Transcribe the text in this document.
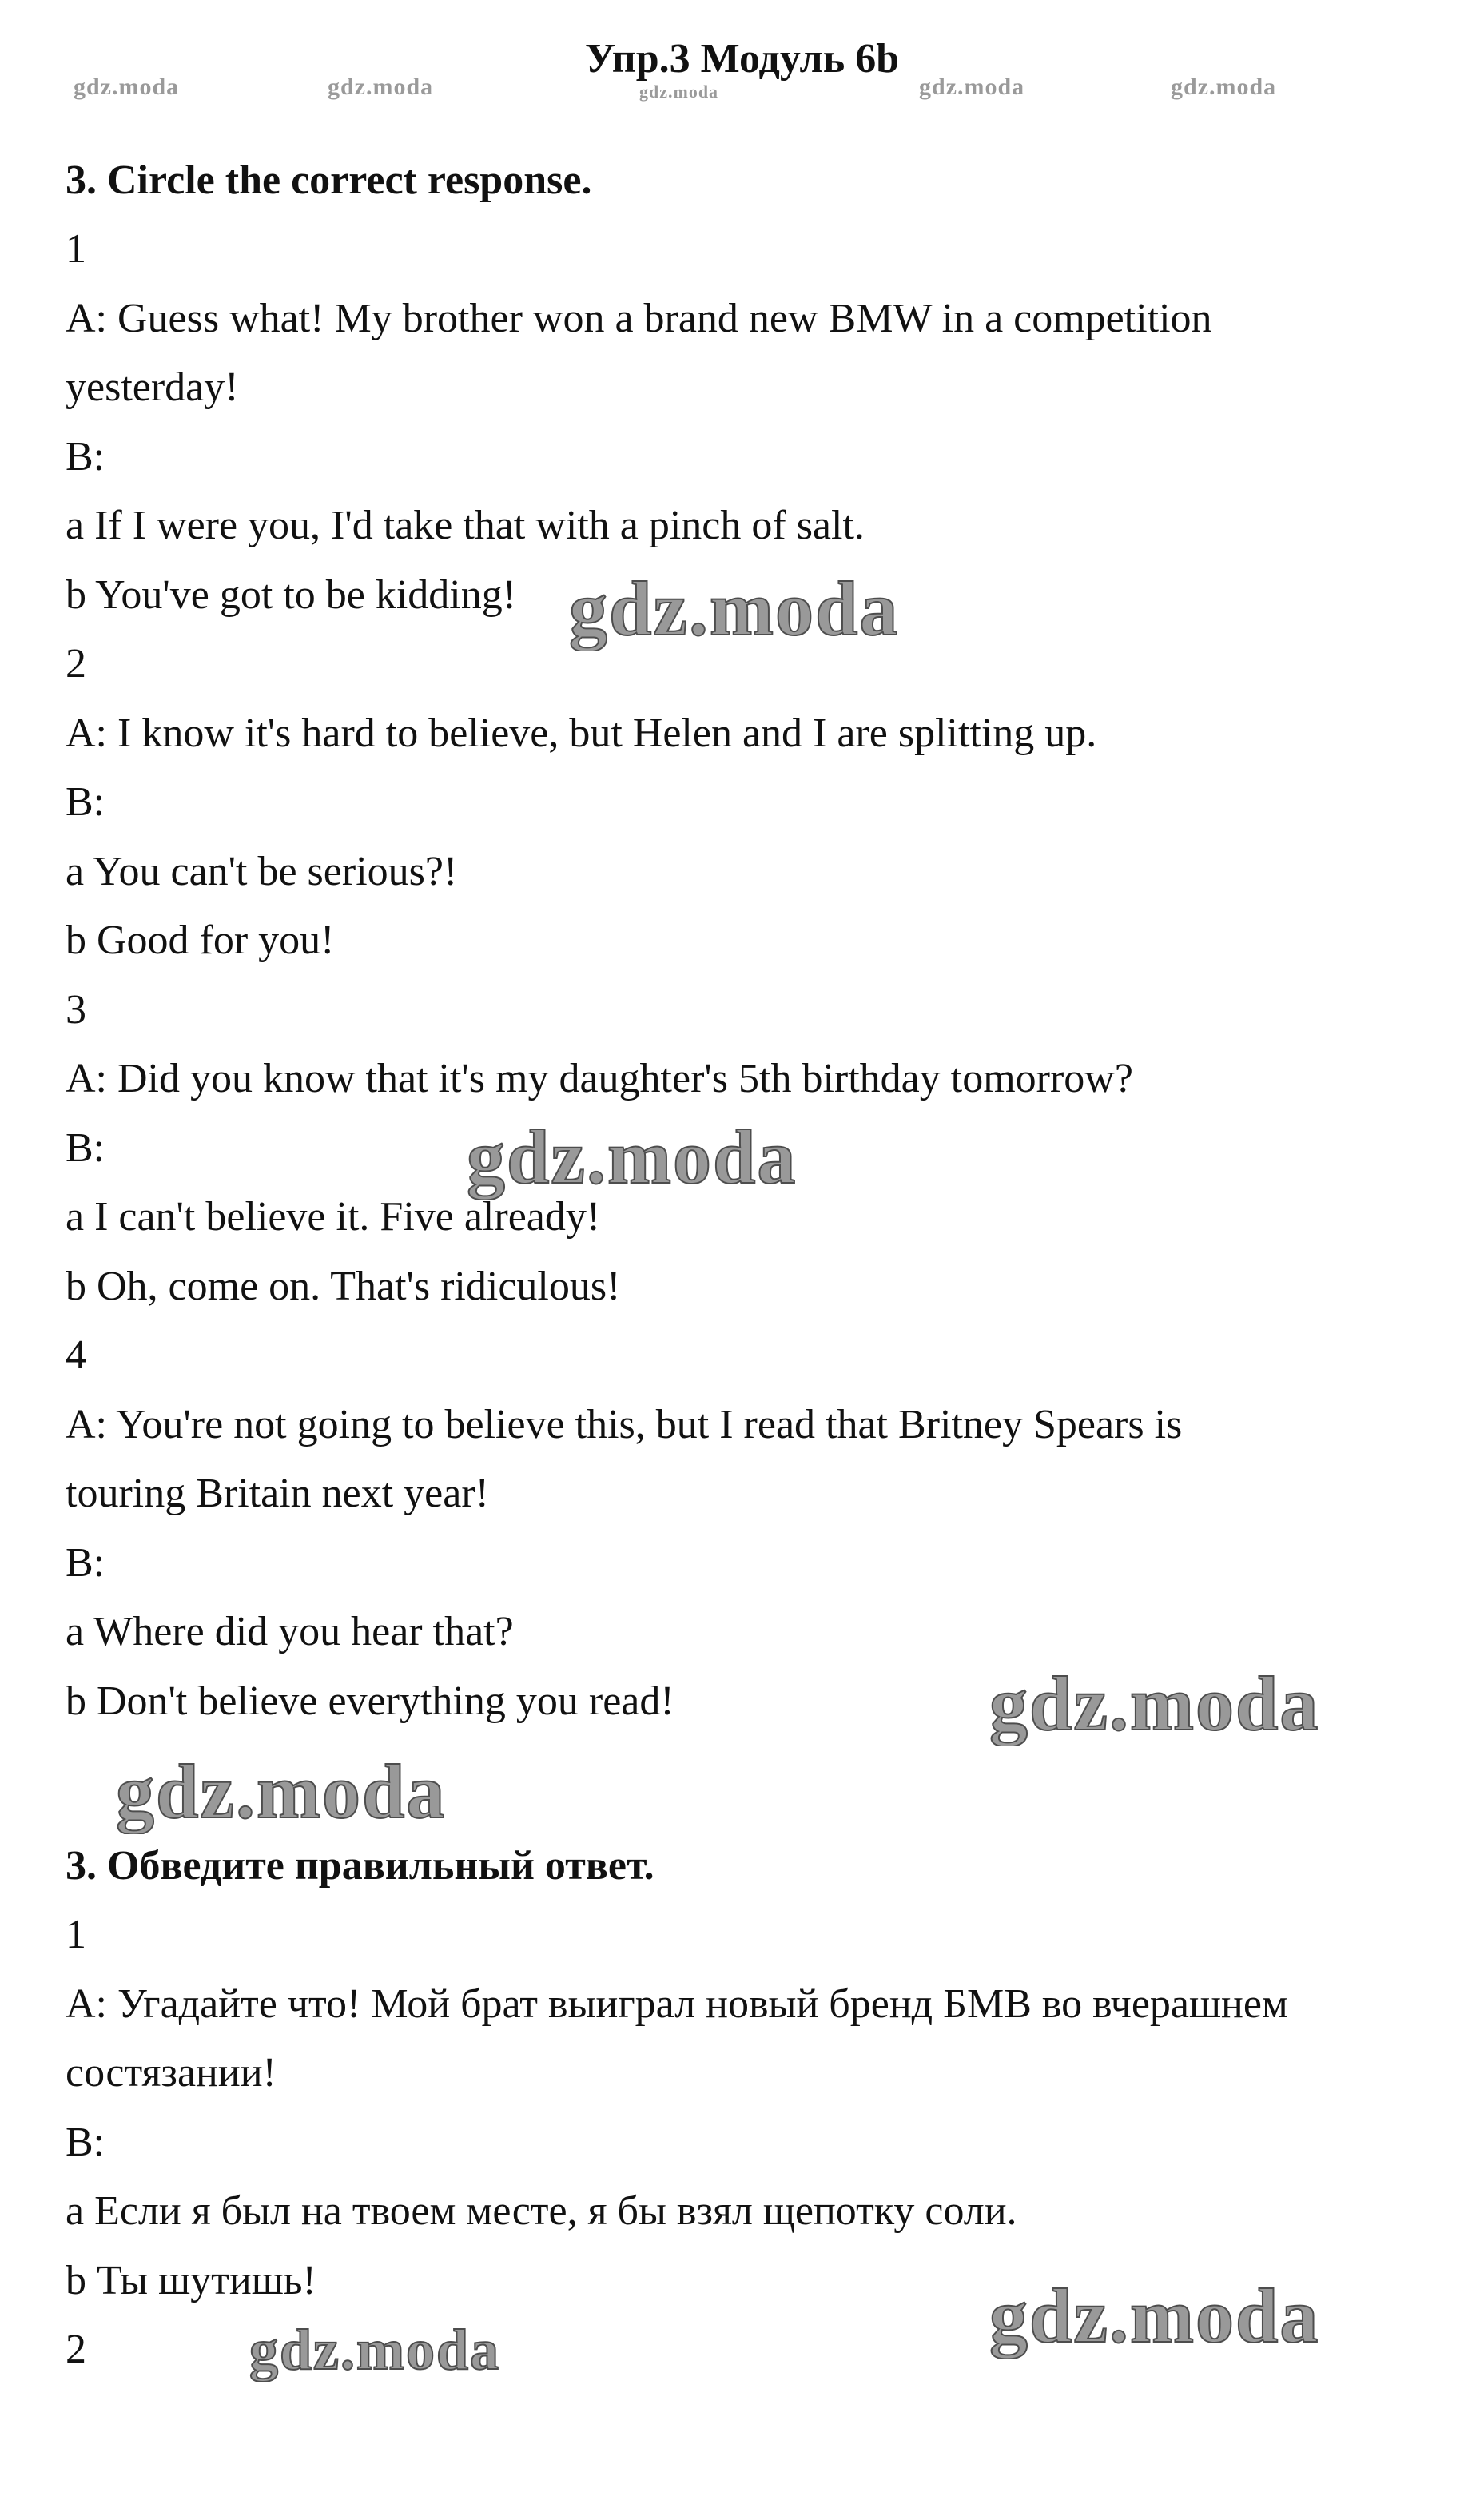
Упр.3 Модуль 6b
gdz.moda	gdz.moda	gdz.moda	gdz.moda	gdz.moda
3. Circle the correct response.
1
A: Guess what! My brother won a brand new BMW in a competition
yesterday!
B:
a If I were you, I'd take that with a pinch of salt.
b You've got to be kidding!
2
A: I know it's hard to believe, but Helen and I are splitting up.
B:
a You can't be serious?!
b Good for you!
3
A: Did you know that it's my daughter's 5th birthday tomorrow?
B:
a I can't believe it. Five already!
b Oh, come on. That's ridiculous!
4
A: You're not going to believe this, but I read that Britney Spears is
touring Britain next year!
B:
a Where did you hear that?
b Don't believe everything you read!
3. Обведите правильный ответ.
1
A: Угадайте что! Мой брат выиграл новый бренд БМВ во вчерашнем
состязании!
B:
a Если я был на твоем месте, я бы взял щепотку соли.
b Ты шутишь!
2
gdz.moda
gdz.moda
gdz.moda
gdz.moda
gdz.moda
gdz.moda
